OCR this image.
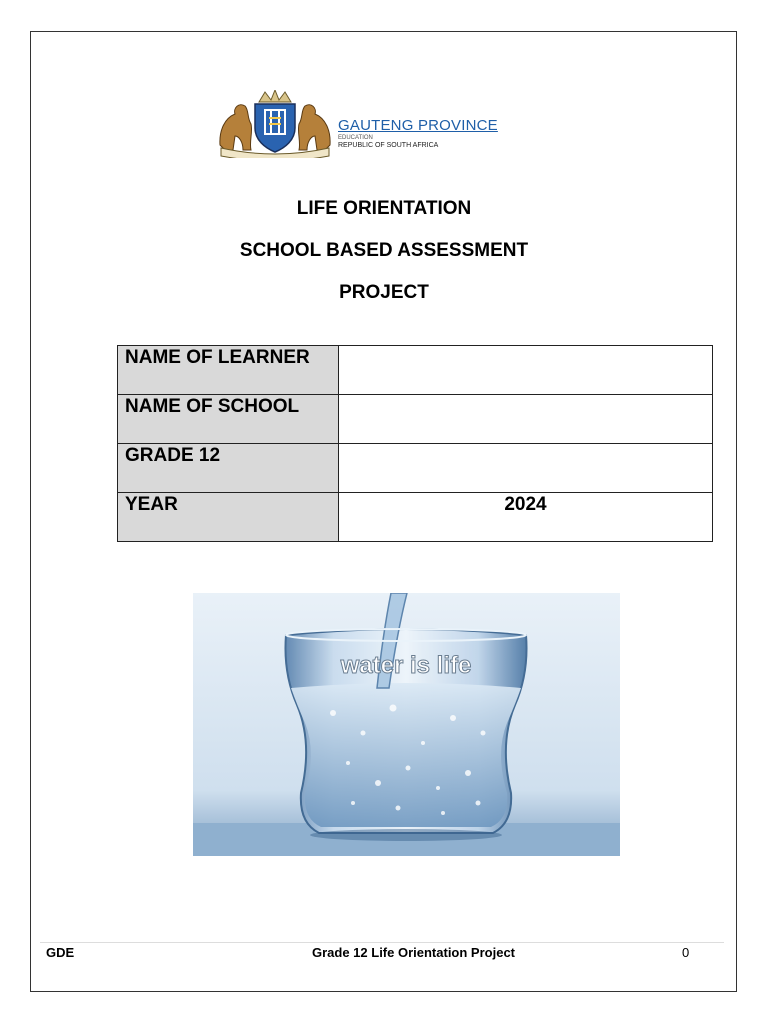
GAUTENG PROVINCE
EDUCATION
REPUBLIC OF SOUTH AFRICA
LIFE ORIENTATION
SCHOOL BASED ASSESSMENT
PROJECT
NAME OF LEARNER	
NAME OF SCHOOL	
GRADE 12	
YEAR	2024
water is life
GDE	Grade 12 Life Orientation Project	0
